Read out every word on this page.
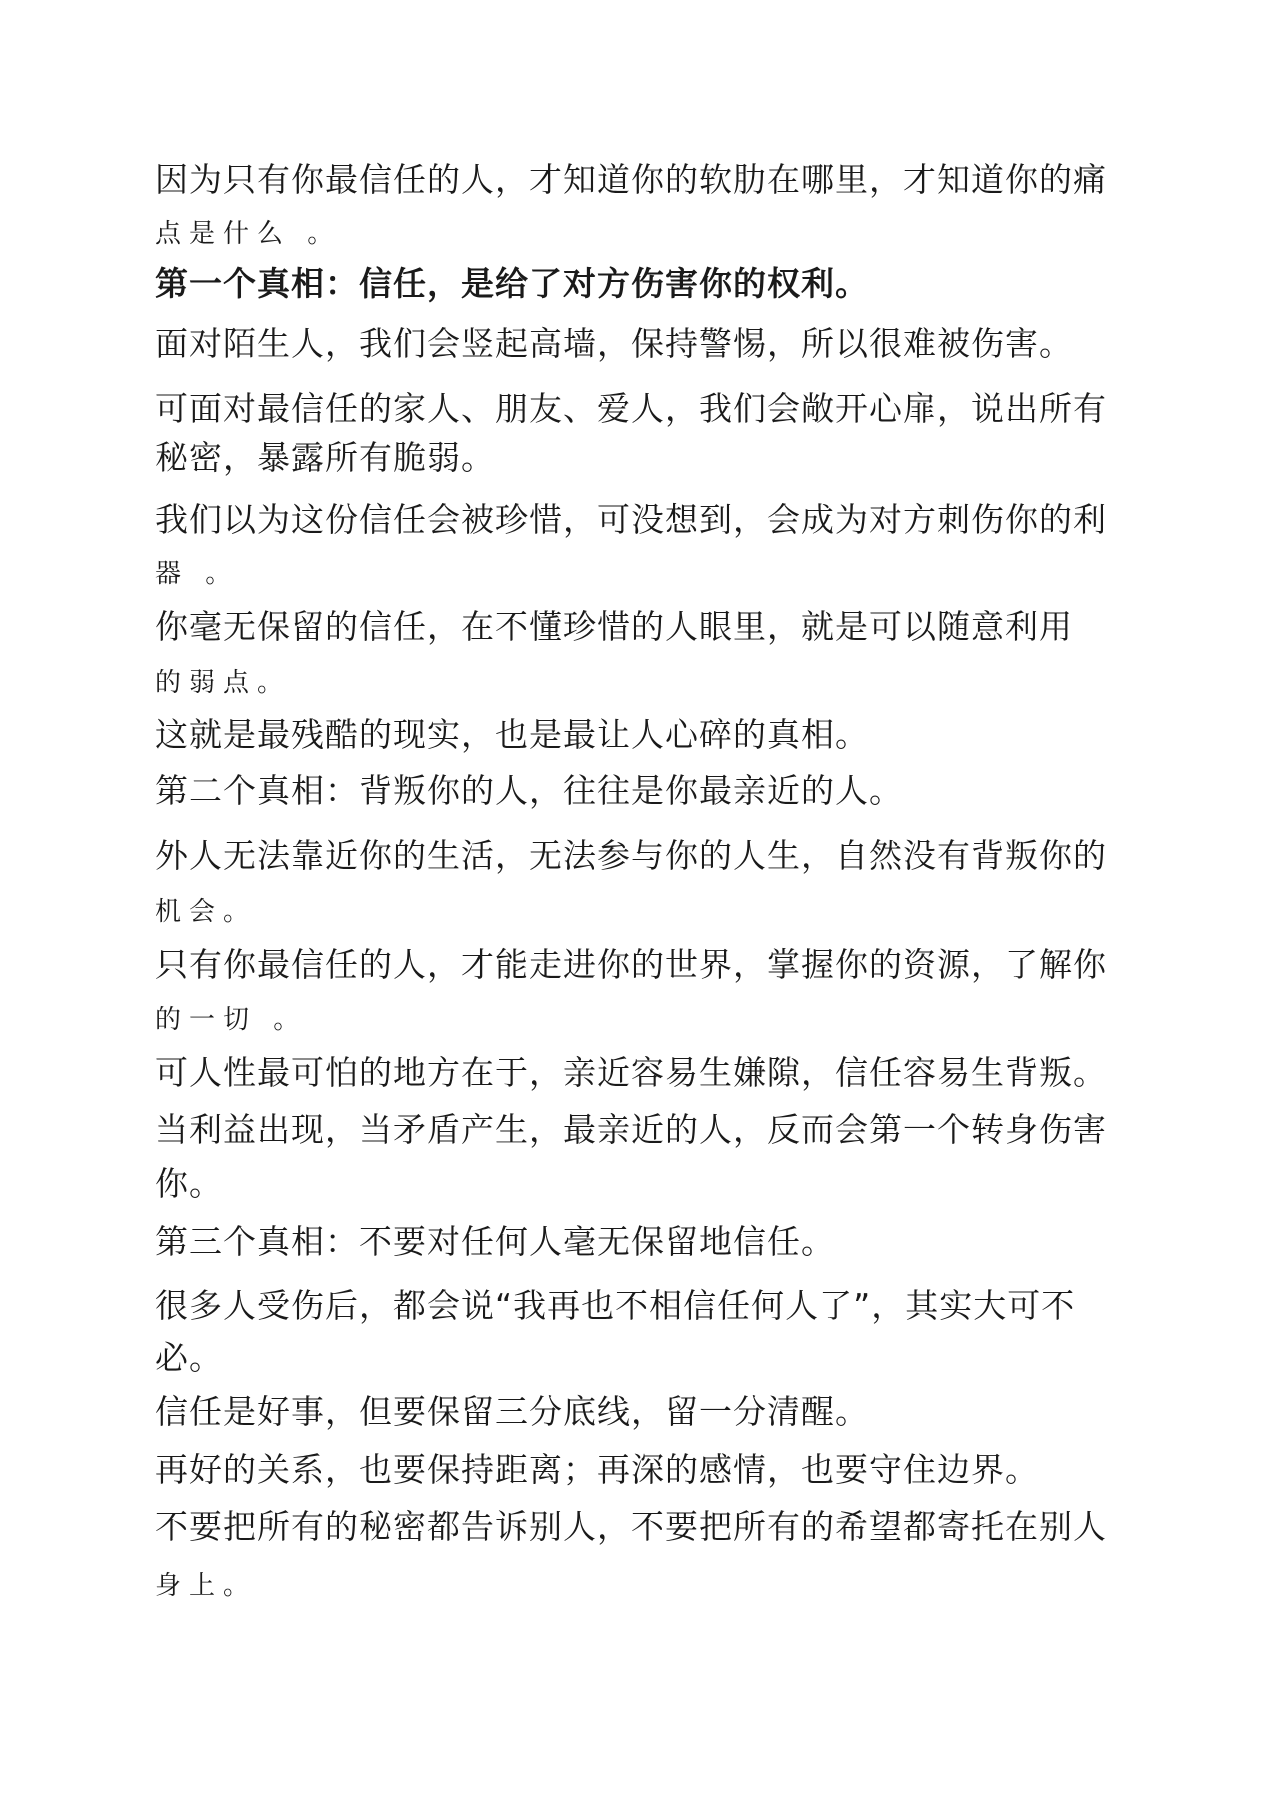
因为只有你最信任的人，才知道你的软肋在哪里，才知道你的痛
点是什么 。
第一个真相：信任，是给了对方伤害你的权利。
面对陌生人，我们会竖起高墙，保持警惕，所以很难被伤害。
可面对最信任的家人、朋友、爱人，我们会敞开心扉，说出所有
秘密，暴露所有脆弱。
我们以为这份信任会被珍惜，可没想到，会成为对方刺伤你的利
器 。
你毫无保留的信任，在不懂珍惜的人眼里，就是可以随意利用
的弱点。
这就是最残酷的现实，也是最让人心碎的真相。
第二个真相：背叛你的人，往往是你最亲近的人。
外人无法靠近你的生活，无法参与你的人生，自然没有背叛你的
机会。
只有你最信任的人，才能走进你的世界，掌握你的资源，了解你
的一切 。
可人性最可怕的地方在于，亲近容易生嫌隙，信任容易生背叛。
当利益出现，当矛盾产生，最亲近的人，反而会第一个转身伤害
你。
第三个真相：不要对任何人毫无保留地信任。
很多人受伤后，都会说“我再也不相信任何人了”，其实大可不
必。
信任是好事，但要保留三分底线，留一分清醒。
再好的关系，也要保持距离；再深的感情，也要守住边界。
不要把所有的秘密都告诉别人，不要把所有的希望都寄托在别人
身上。
